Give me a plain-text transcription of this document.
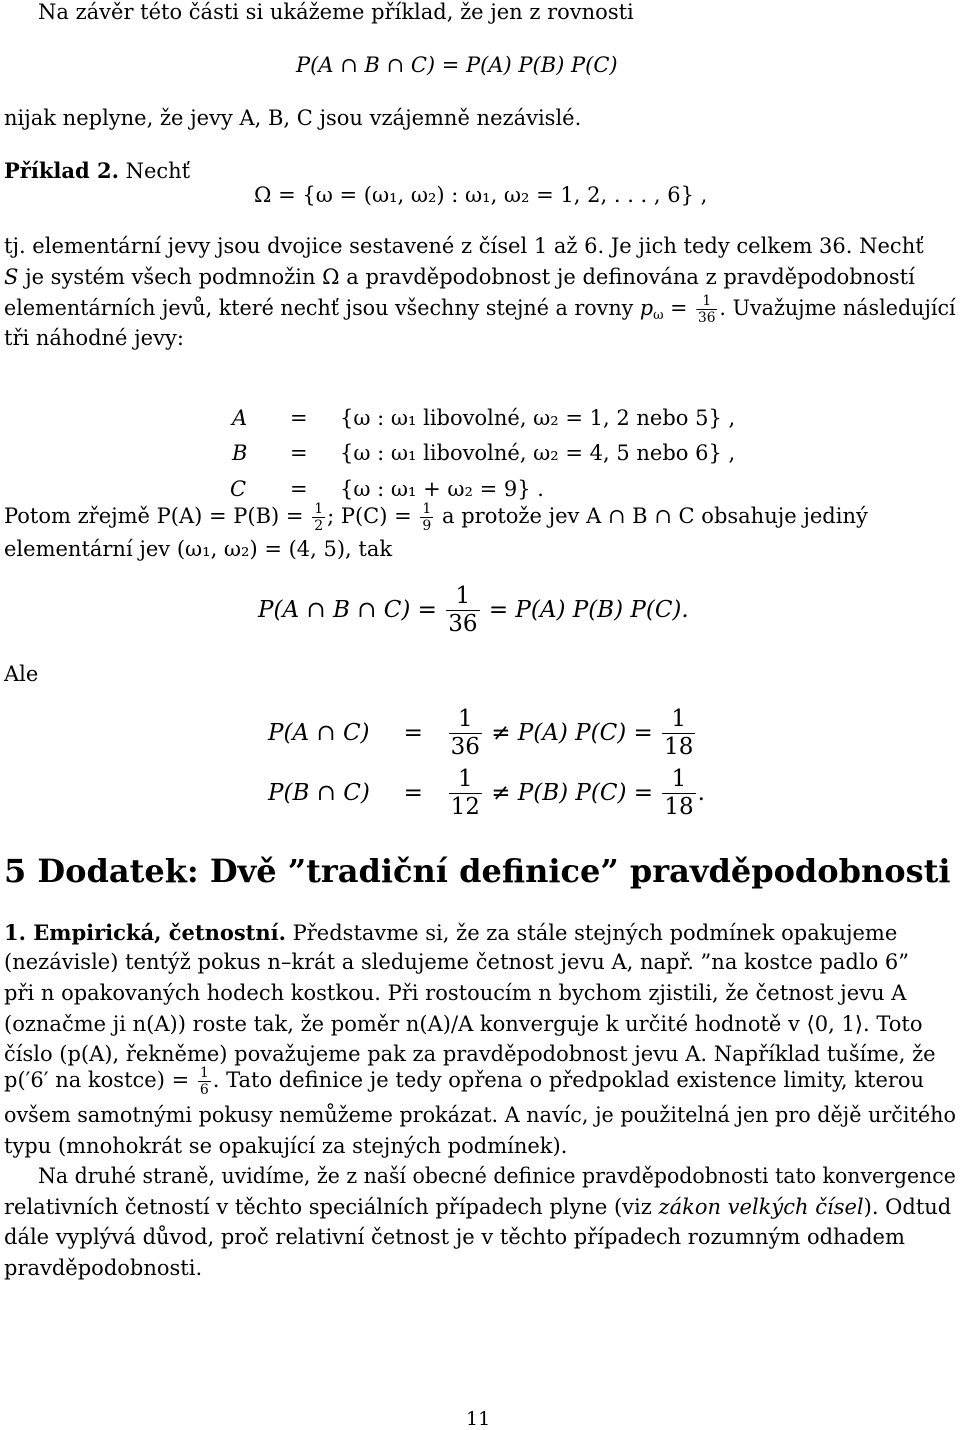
Na závěr této části si ukážeme příklad, že jen z rovnosti
P(A ∩ B ∩ C) = P(A) P(B) P(C)
nijak neplyne, že jevy A, B, C jsou vzájemně nezávislé.
Příklad 2. Nechť
Ω = {ω = (ω₁, ω₂) : ω₁, ω₂ = 1, 2, . . . , 6} ,
tj. elementární jevy jsou dvojice sestavené z čísel 1 až 6. Je jich tedy celkem 36. Nechť
S je systém všech podmnožin Ω a pravděpodobnost je definována z pravděpodobností
elementárních jevů, které nechť jsou všechny stejné a rovny $p_\omega = \frac{1}{36}$ . Uvažujme následující
tři náhodné jevy:
A = {ω : ω₁ libovolné, ω₂ = 1, 2 nebo 5} ,
B = {ω : ω₁ libovolné, ω₂ = 4, 5 nebo 6} ,
C = {ω : ω₁ + ω₂ = 9} .
Potom zřejmě $P(A) = P(B) = \frac{1}{2}$ ; $P(C) = \frac{1}{9}$ a protože jev A ∩ B ∩ C obsahuje jediný
elementární jev (ω₁, ω₂) = (4, 5), tak
P(A ∩ B ∩ $C) = \frac{1}{36} = P(A)$ P(B) P(C).
Ale
P(A ∩ $C) = \frac{1}{36} \ne P(A) P(C) = \frac{1}{18}$
P(B ∩ $C) = \frac{1}{12} \ne P(B) P(C) = \frac{1}{18}$ .
5 Dodatek: Dvě ”tradiční definice” pravděpodobnosti
1. Empirická, četnostní. Představme si, že za stále stejných podmínek opakujeme
(nezávisle) tentýž pokus n–krát a sledujeme četnost jevu A, např. ”na kostce padlo 6”
při n opakovaných hodech kostkou. Při rostoucím n bychom zjistili, že četnost jevu A
(označme ji n(A)) roste tak, že poměr n(A)/A konverguje k určité hodnotě v ⟨0, 1⟩. Toto
číslo (p(A), řekněme) považujeme pak za pravděpodobnost jevu A. Například tušíme, že
p(′6′ na kostce) = $\frac{1}{6}$ . Tato definice je tedy opřena o předpoklad existence limity, kterou
ovšem samotnými pokusy nemůžeme prokázat. A navíc, je použitelná jen pro dějě určitého
typu (mnohokrát se opakující za stejných podmínek).
Na druhé straně, uvidíme, že z naší obecné definice pravděpodobnosti tato konvergence
relativních četností v těchto speciálních případech plyne (viz zákon velkých čísel). Odtud
dále vyplývá důvod, proč relativní četnost je v těchto případech rozumným odhadem
pravděpodobnosti.
11
